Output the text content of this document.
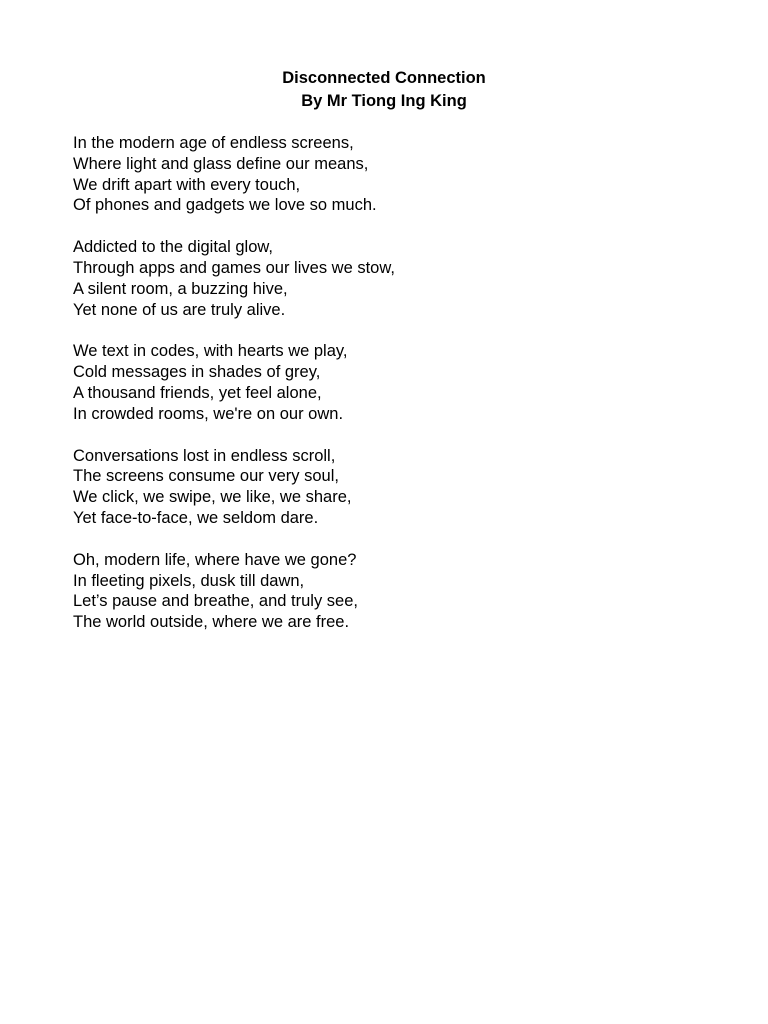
Disconnected Connection

By Mr Tiong Ing King

In the modern age of endless screens,
Where light and glass define our means,
We drift apart with every touch,
Of phones and gadgets we love so much.
Addicted to the digital glow,
Through apps and games our lives we stow,
A silent room, a buzzing hive,
Yet none of us are truly alive.
We text in codes, with hearts we play,
Cold messages in shades of grey,
A thousand friends, yet feel alone,
In crowded rooms, we're on our own.
Conversations lost in endless scroll,
The screens consume our very soul,
We click, we swipe, we like, we share,
Yet face-to-face, we seldom dare.
Oh, modern life, where have we gone?
In fleeting pixels, dusk till dawn,
Let’s pause and breathe, and truly see,
The world outside, where we are free.
